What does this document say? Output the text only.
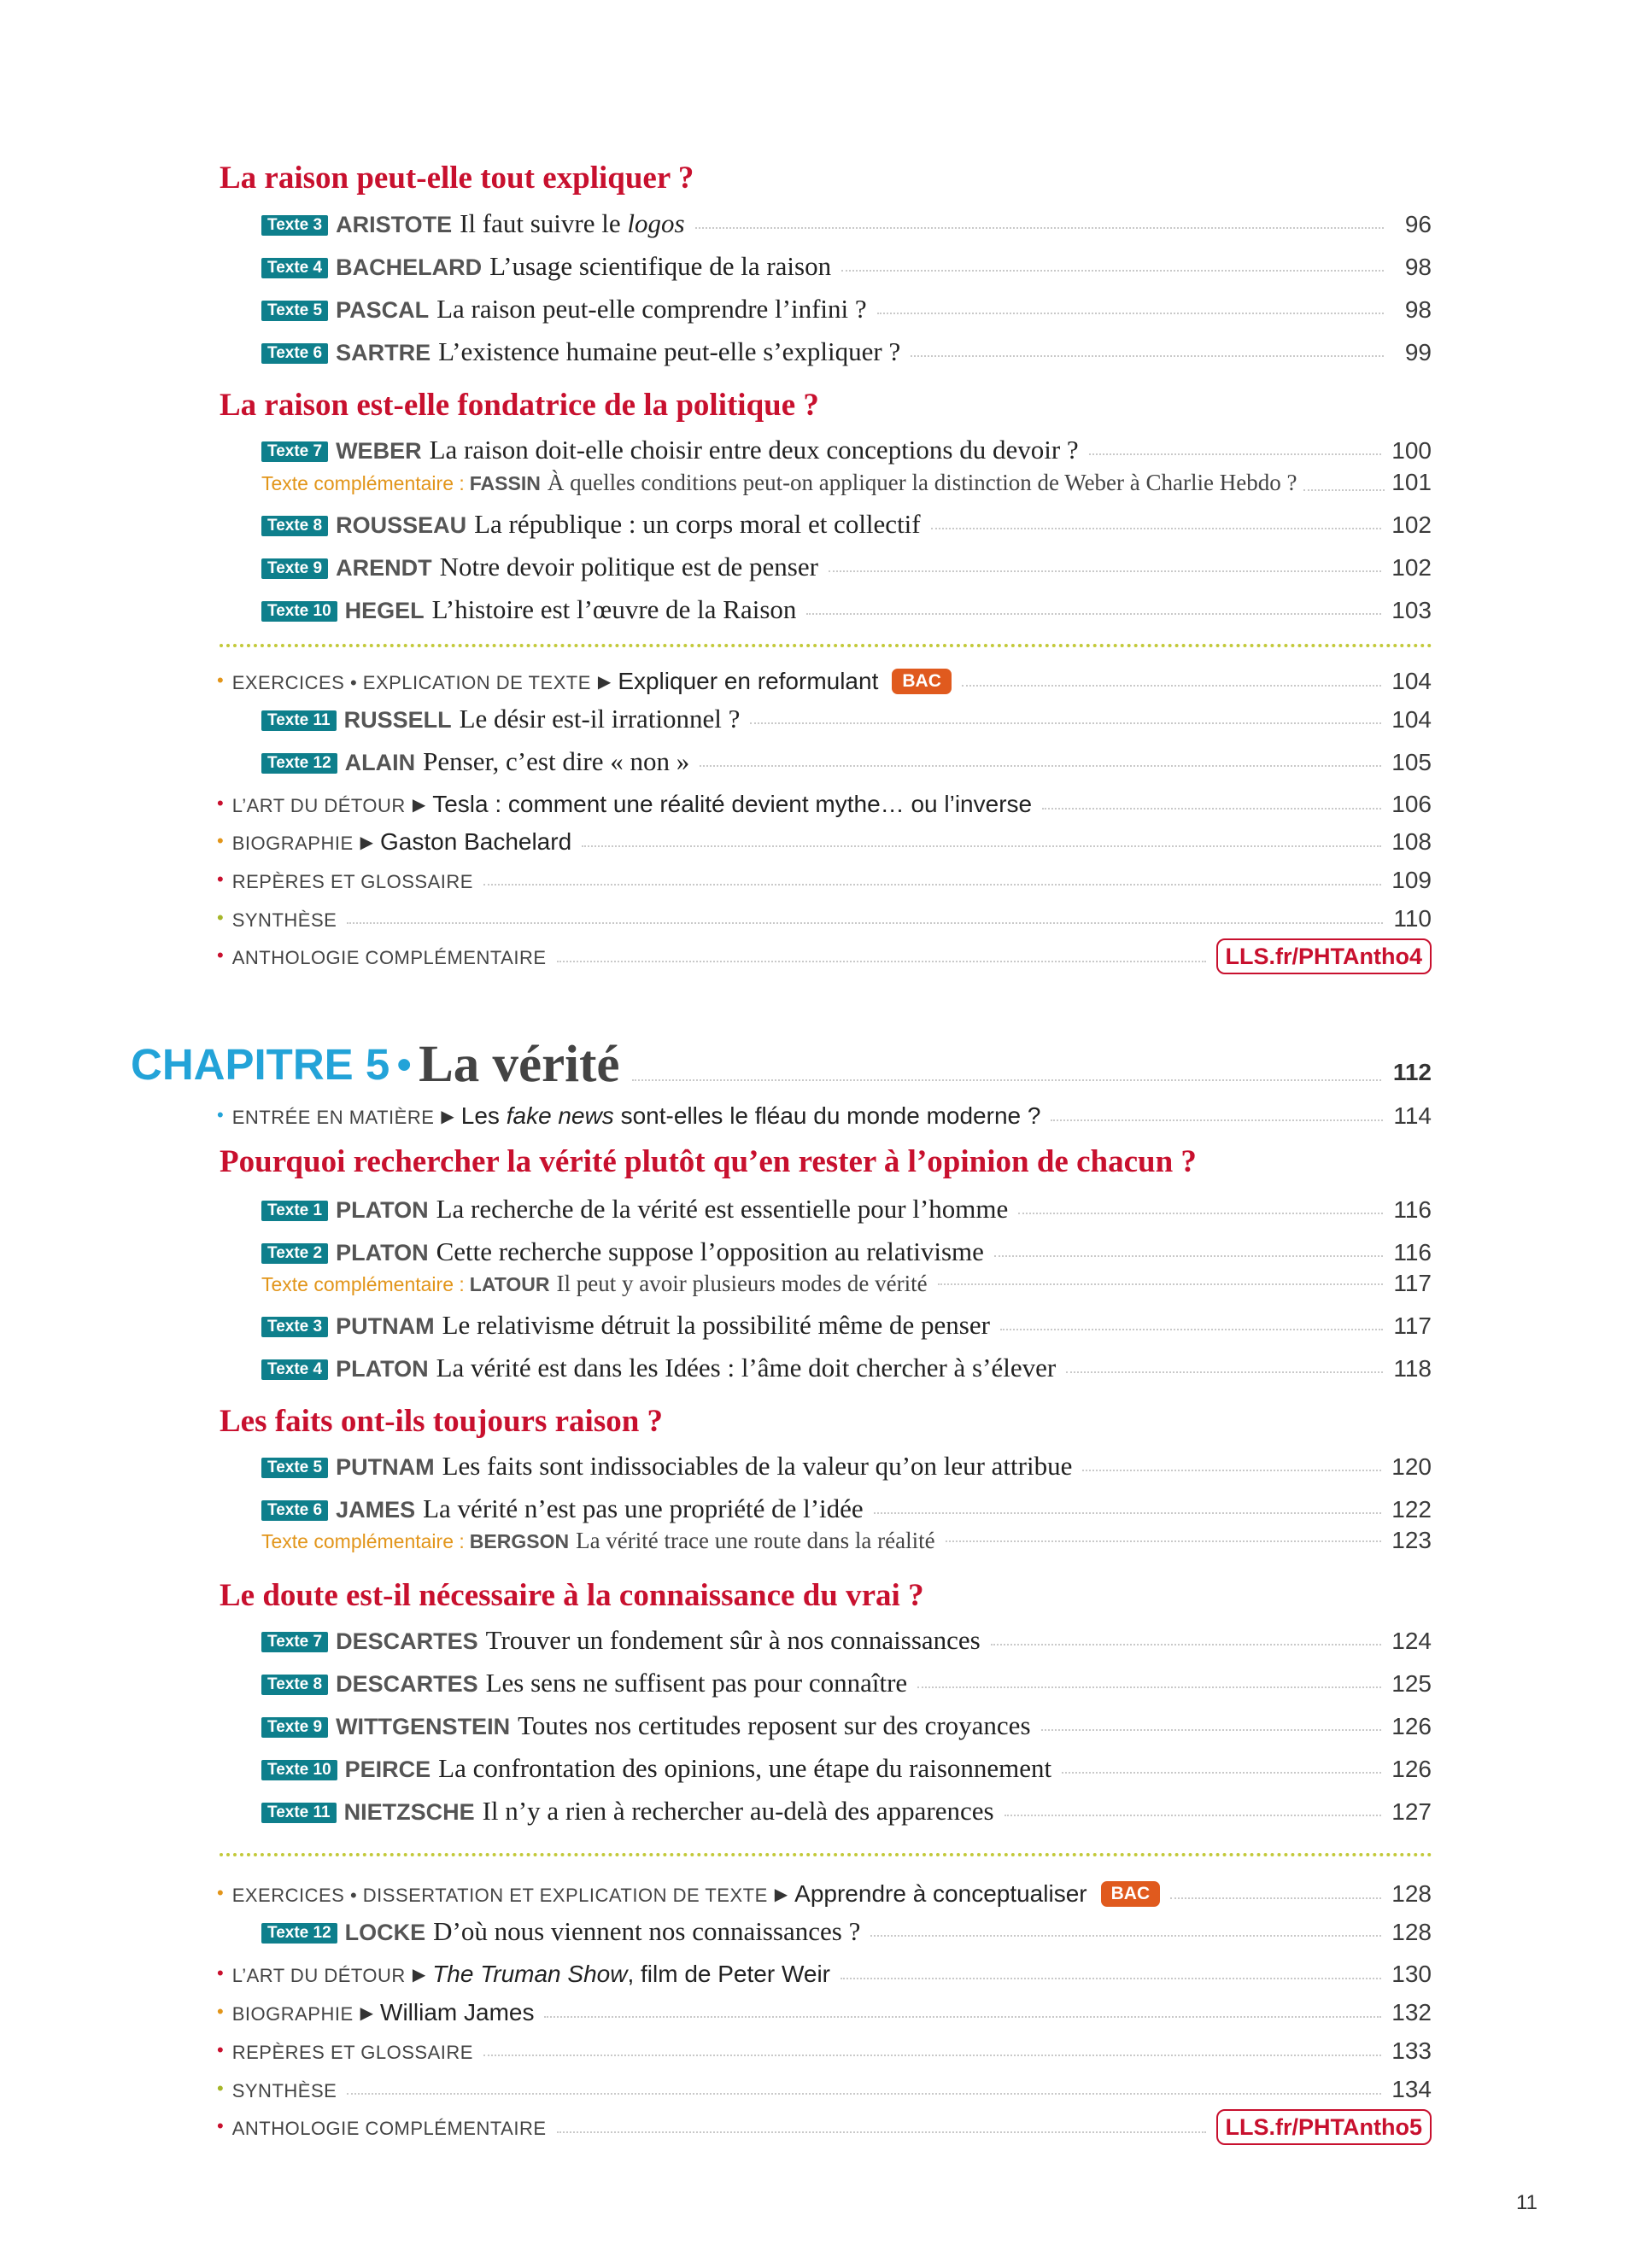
La raison peut-elle tout expliquer ?
Texte 3 ARISTOTE Il faut suivre le logos	96
Texte 4 BACHELARD L’usage scientifique de la raison	98
Texte 5 PASCAL La raison peut-elle comprendre l’infini ?	98
Texte 6 SARTRE L’existence humaine peut-elle s’expliquer ?	99
La raison est-elle fondatrice de la politique ?
Texte 7 WEBER La raison doit-elle choisir entre deux conceptions du devoir ?	100
Texte complémentaire : FASSIN À quelles conditions peut-on appliquer la distinction de Weber à Charlie Hebdo ?	101
Texte 8 ROUSSEAU La république : un corps moral et collectif	102
Texte 9 ARENDT Notre devoir politique est de penser	102
Texte 10 HEGEL L’histoire est l’œuvre de la Raison	103
• EXERCICES • EXPLICATION DE TEXTE ▶ Expliquer en reformulant	BAC	104
Texte 11 RUSSELL Le désir est-il irrationnel ?	104
Texte 12 ALAIN Penser, c’est dire « non »	105
• L’ART DU DÉTOUR ▶ Tesla : comment une réalité devient mythe… ou l’inverse	106
• BIOGRAPHIE ▶ Gaston Bachelard	108
• REPÈRES ET GLOSSAIRE	109
• SYNTHÈSE	110
• ANTHOLOGIE COMPLÉMENTAIRE	LLS.fr/PHTAntho4
CHAPITRE 5 • La vérité	112
• ENTRÉE EN MATIÈRE ▶ Les fake news sont-elles le fléau du monde moderne ?	114
Pourquoi rechercher la vérité plutôt qu’en rester à l’opinion de chacun ?
Texte 1 PLATON La recherche de la vérité est essentielle pour l’homme	116
Texte 2 PLATON Cette recherche suppose l’opposition au relativisme	116
Texte complémentaire : LATOUR Il peut y avoir plusieurs modes de vérité	117
Texte 3 PUTNAM Le relativisme détruit la possibilité même de penser	117
Texte 4 PLATON La vérité est dans les Idées : l’âme doit chercher à s’élever	118
Les faits ont-ils toujours raison ?
Texte 5 PUTNAM Les faits sont indissociables de la valeur qu’on leur attribue	120
Texte 6 JAMES La vérité n’est pas une propriété de l’idée	122
Texte complémentaire : BERGSON La vérité trace une route dans la réalité	123
Le doute est-il nécessaire à la connaissance du vrai ?
Texte 7 DESCARTES Trouver un fondement sûr à nos connaissances	124
Texte 8 DESCARTES Les sens ne suffisent pas pour connaître	125
Texte 9 WITTGENSTEIN Toutes nos certitudes reposent sur des croyances	126
Texte 10 PEIRCE La confrontation des opinions, une étape du raisonnement	126
Texte 11 NIETZSCHE Il n’y a rien à rechercher au-delà des apparences	127
• EXERCICES • DISSERTATION ET EXPLICATION DE TEXTE ▶ Apprendre à conceptualiser	BAC	128
Texte 12 LOCKE D’où nous viennent nos connaissances ?	128
• L’ART DU DÉTOUR ▶ The Truman Show, film de Peter Weir	130
• BIOGRAPHIE ▶ William James	132
• REPÈRES ET GLOSSAIRE	133
• SYNTHÈSE	134
• ANTHOLOGIE COMPLÉMENTAIRE	LLS.fr/PHTAntho5
11
